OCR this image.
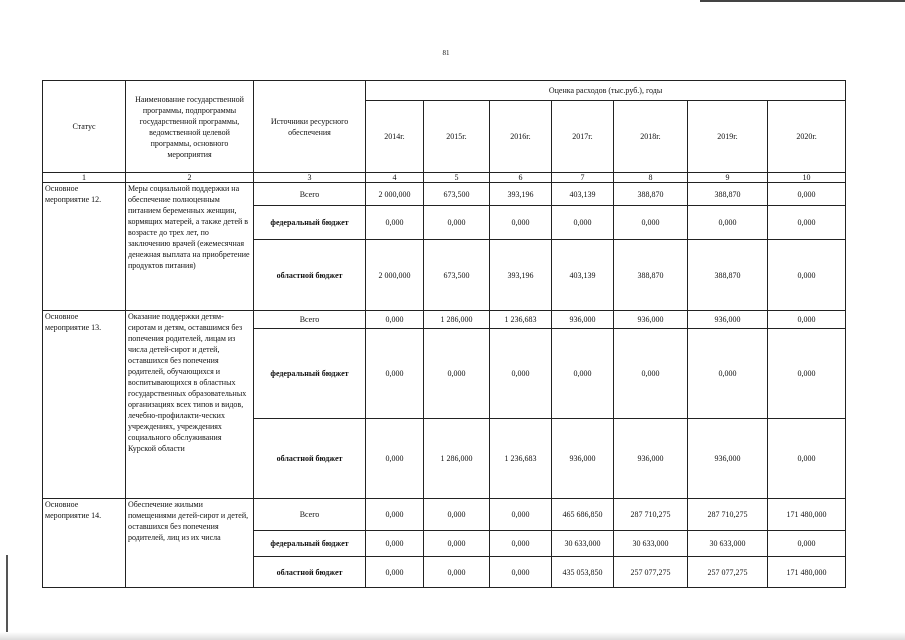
81
Статус	Наименование государственной программы, подпрограммы государственной программы, ведомственной целевой программы, основного мероприятия	Источники ресурсного обеспечения	Оценка расходов (тыс.руб.), годы						
			2014г.	2015г.	2016г.	2017г.	2018г.	2019г.	2020г.
1	2	3	4	5	6	7	8	9	10
Основное мероприятие 12.	Меры социальной поддержки на обеспечение полноценным питанием беременных женщин, кормящих матерей, а также детей в возрасте до трех лет, по заключению врачей (ежемесячная денежная выплата на приобретение продуктов питания)	Всего	2 000,000	673,500	393,196	403,139	388,870	388,870	0,000
		федеральный бюджет	0,000	0,000	0,000	0,000	0,000	0,000	0,000
		областной бюджет	2 000,000	673,500	393,196	403,139	388,870	388,870	0,000
Основное мероприятие 13.	Оказание поддержки детям-сиротам и детям, оставшимся без попечения родителей, лицам из числа детей-сирот и детей, оставшихся без попечения родителей, обучающихся и воспитывающихся в областных государственных образовательных организациях всех типов и видов, лечебно-профилакти-ческих учреждениях, учреждениях социального обслуживания Курской области	Всего	0,000	1 286,000	1 236,683	936,000	936,000	936,000	0,000
		федеральный бюджет	0,000	0,000	0,000	0,000	0,000	0,000	0,000
		областной бюджет	0,000	1 286,000	1 236,683	936,000	936,000	936,000	0,000
Основное мероприятие 14.	Обеспечение жилыми помещениями детей-сирот и детей, оставшихся без попечения родителей, лиц из их числа	Всего	0,000	0,000	0,000	465 686,850	287 710,275	287 710,275	171 480,000
		федеральный бюджет	0,000	0,000	0,000	30 633,000	30 633,000	30 633,000	0,000
		областной бюджет	0,000	0,000	0,000	435 053,850	257 077,275	257 077,275	171 480,000
